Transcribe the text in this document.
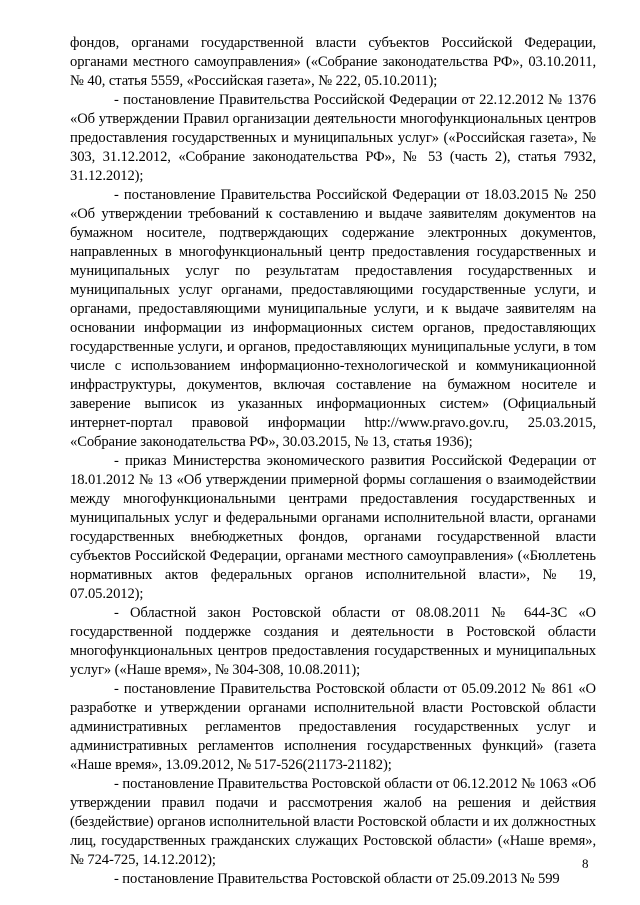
фондов, органами государственной власти субъектов Российской Федерации, органами местного самоуправления» («Собрание законодательства РФ», 03.10.2011, № 40, статья 5559, «Российская газета», № 222, 05.10.2011);

- постановление Правительства Российской Федерации от 22.12.2012 № 1376 «Об утверждении Правил организации деятельности многофункциональных центров предоставления государственных и муниципальных услуг» («Российская газета», № 303, 31.12.2012, «Собрание законодательства РФ», № 53 (часть 2), статья 7932, 31.12.2012);

- постановление Правительства Российской Федерации от 18.03.2015 № 250 «Об утверждении требований к составлению и выдаче заявителям документов на бумажном носителе, подтверждающих содержание электронных документов, направленных в многофункциональный центр предоставления государственных и муниципальных услуг по результатам предоставления государственных и муниципальных услуг органами, предоставляющими государственные услуги, и органами, предоставляющими муниципальные услуги, и к выдаче заявителям на основании информации из информационных систем органов, предоставляющих государственные услуги, и органов, предоставляющих муниципальные услуги, в том числе с использованием информационно-технологической и коммуникационной инфраструктуры, документов, включая составление на бумажном носителе и заверение выписок из указанных информационных систем» (Официальный интернет-портал правовой информации http://www.pravo.gov.ru, 25.03.2015, «Собрание законодательства РФ», 30.03.2015, № 13, статья 1936);

- приказ Министерства экономического развития Российской Федерации от 18.01.2012 № 13 «Об утверждении примерной формы соглашения о взаимодействии между многофункциональными центрами предоставления государственных и муниципальных услуг и федеральными органами исполнительной власти, органами государственных внебюджетных фондов, органами государственной власти субъектов Российской Федерации, органами местного самоуправления» («Бюллетень нормативных актов федеральных органов исполнительной власти», № 19, 07.05.2012);

- Областной закон Ростовской области от 08.08.2011 № 644-ЗС «О государственной поддержке создания и деятельности в Ростовской области многофункциональных центров предоставления государственных и муниципальных услуг» («Наше время», № 304-308, 10.08.2011);

- постановление Правительства Ростовской области от 05.09.2012 № 861 «О разработке и утверждении органами исполнительной власти Ростовской области административных регламентов предоставления государственных услуг и административных регламентов исполнения государственных функций» (газета «Наше время», 13.09.2012, № 517-526(21173-21182);

- постановление Правительства Ростовской области от 06.12.2012 № 1063 «Об утверждении правил подачи и рассмотрения жалоб на решения и действия (бездействие) органов исполнительной власти Ростовской области и их должностных лиц, государственных гражданских служащих Ростовской области» («Наше время», № 724-725, 14.12.2012);

- постановление Правительства Ростовской области от 25.09.2013 № 599

8
